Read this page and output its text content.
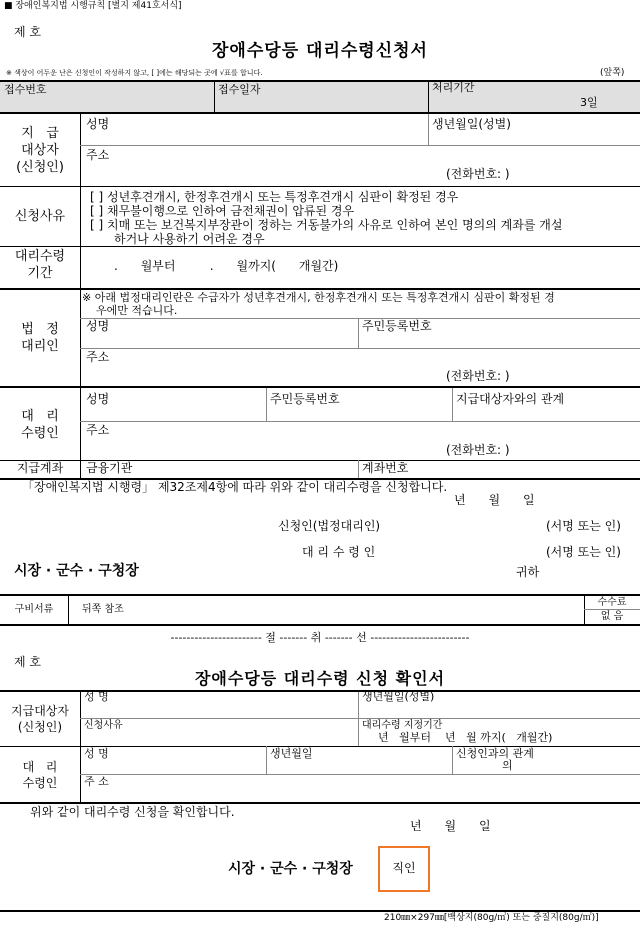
■ 장애인복지법 시행규칙 [별지 제41호서식]
제 호
장애수당등 대리수령신청서
※ 색상이 어두운 난은 신청인이 작성하지 않고, [ ]에는 해당되는 곳에 √표를 합니다.	(앞쪽)
접수번호	접수일자	처리기간
3일
지   급
대상자
(신청인)
성명	생년월일(성별)
주소
(전화번호: )
신청사유
[ ] 성년후견개시, 한정후견개시 또는 특정후견개시 심판이 확정된 경우
[ ] 채무불이행으로 인하여 금전채권이 압류된 경우
[ ] 치매 또는 보건복지부장관이 정하는 거동불가의 사유로 인하여 본인 명의의 계좌를 개설
하거나 사용하기 어려운 경우
대리수령
기간	.      월부터         .      월까지(      개월간)
법   정
대리인
※ 아래 법정대리인란은 수급자가 성년후견개시, 한정후견개시 또는 특정후견개시 심판이 확정된 경
우에만 적습니다.
성명	주민등록번호
주소
(전화번호: )
대   리
수령인
성명	주민등록번호	지급대상자와의 관계
주소
(전화번호: )
지급계좌	금융기관	계좌번호
「장애인복지법 시행령」 제32조제4항에 따라 위와 같이 대리수령을 신청합니다.
년      월      일
신청인(법정대리인)	(서명 또는 인)
대 리 수 령 인	(서명 또는 인)
시장 · 군수 · 구청장	귀하
구비서류	뒤쪽 참조
수수료
없 음
----------------------- 절 ------- 취 ------- 선 -------------------------
제 호
장애수당등 대리수령 신청 확인서
지급대상자
(신청인)
성 명	생년월일(성별)
신청사유	대리수령 지정기간
년   월부터    년   월 까지(   개월간)
대   리
수령인
성 명	생년월일	신청인과의 관계
의
주 소
위와 같이 대리수령 신청을 확인합니다.
년      월      일
시장 · 군수 · 구청장	직인
210㎜×297㎜[백상지(80g/㎡) 또는 중질지(80g/㎡)]
